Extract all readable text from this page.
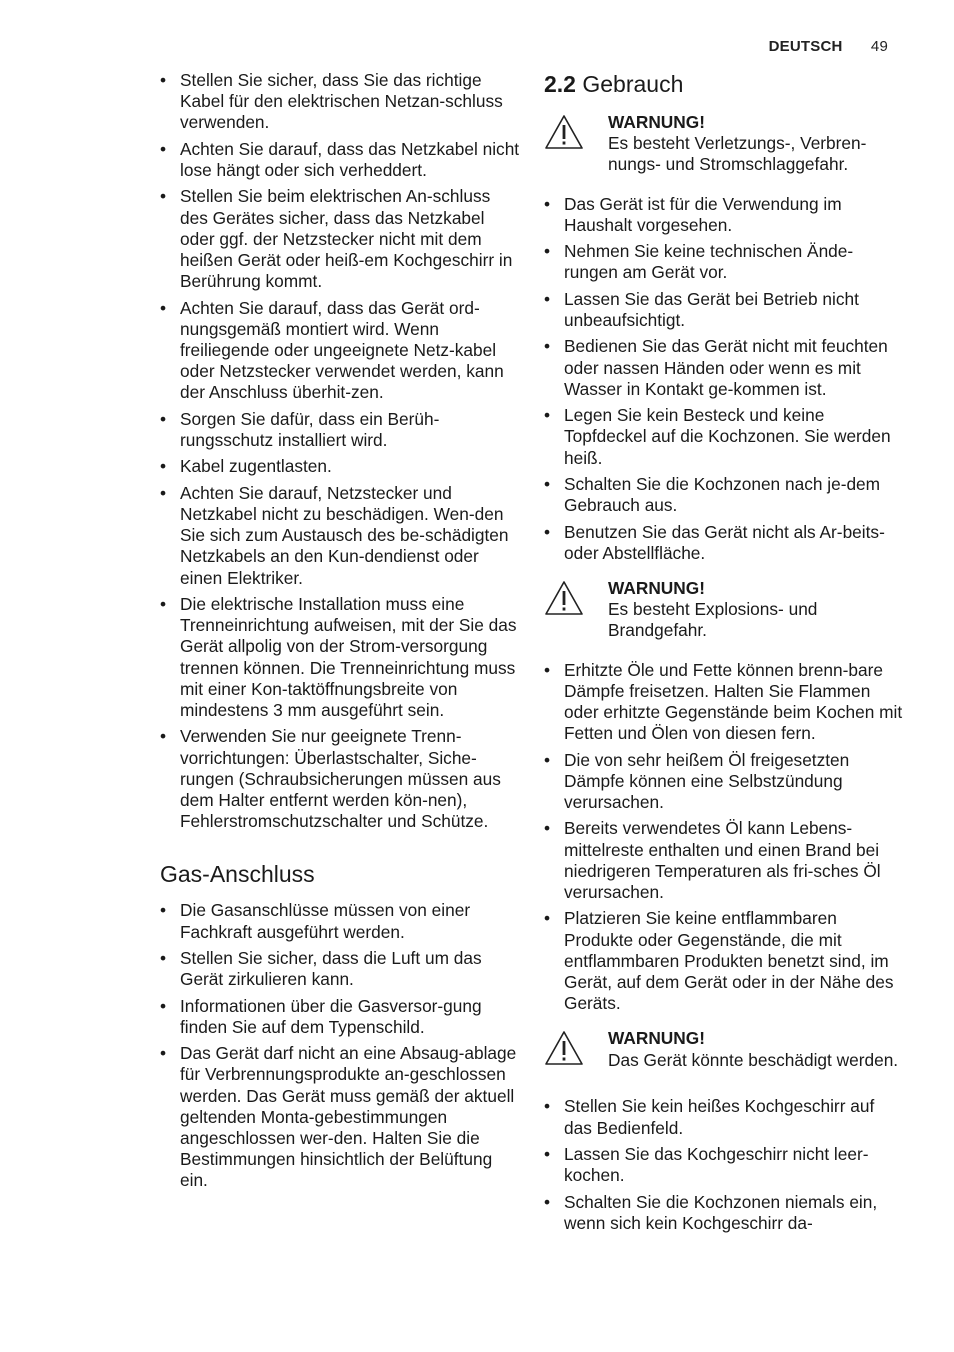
DEUTSCH 49
• Stellen Sie sicher, dass Sie das richtige Kabel für den elektrischen Netzan-schluss verwenden.
• Achten Sie darauf, dass das Netzkabel nicht lose hängt oder sich verheddert.
• Stellen Sie beim elektrischen An-schluss des Gerätes sicher, dass das Netzkabel oder ggf. der Netzstecker nicht mit dem heißen Gerät oder heiß-em Kochgeschirr in Berührung kommt.
• Achten Sie darauf, dass das Gerät ord-nungsgemäß montiert wird. Wenn freiliegende oder ungeeignete Netz-kabel oder Netzstecker verwendet werden, kann der Anschluss überhit-zen.
• Sorgen Sie dafür, dass ein Berüh-rungsschutz installiert wird.
• Kabel zugentlasten.
• Achten Sie darauf, Netzstecker und Netzkabel nicht zu beschädigen. Wen-den Sie sich zum Austausch des be-schädigten Netzkabels an den Kun-dendienst oder einen Elektriker.
• Die elektrische Installation muss eine Trenneinrichtung aufweisen, mit der Sie das Gerät allpolig von der Strom-versorgung trennen können. Die Trenneinrichtung muss mit einer Kon-taktöffnungsbreite von mindestens 3 mm ausgeführt sein.
• Verwenden Sie nur geeignete Trenn-vorrichtungen: Überlastschalter, Siche-rungen (Schraubsicherungen müssen aus dem Halter entfernt werden kön-nen), Fehlerstromschutzschalter und Schütze.
Gas-Anschluss
• Die Gasanschlüsse müssen von einer Fachkraft ausgeführt werden.
• Stellen Sie sicher, dass die Luft um das Gerät zirkulieren kann.
• Informationen über die Gasversor-gung finden Sie auf dem Typenschild.
• Das Gerät darf nicht an eine Absaug-ablage für Verbrennungsprodukte an-geschlossen werden. Das Gerät muss gemäß der aktuell geltenden Monta-gebestimmungen angeschlossen wer-den. Halten Sie die Bestimmungen hinsichtlich der Belüftung ein.
2.2 Gebrauch
WARNUNG!
Es besteht Verletzungs-, Verbren-nungs- und Stromschlaggefahr.
• Das Gerät ist für die Verwendung im Haushalt vorgesehen.
• Nehmen Sie keine technischen Ände-rungen am Gerät vor.
• Lassen Sie das Gerät bei Betrieb nicht unbeaufsichtigt.
• Bedienen Sie das Gerät nicht mit feuchten oder nassen Händen oder wenn es mit Wasser in Kontakt ge-kommen ist.
• Legen Sie kein Besteck und keine Topfdeckel auf die Kochzonen. Sie werden heiß.
• Schalten Sie die Kochzonen nach je-dem Gebrauch aus.
• Benutzen Sie das Gerät nicht als Ar-beits- oder Abstellfläche.
WARNUNG!
Es besteht Explosions- und Brandgefahr.
• Erhitzte Öle und Fette können brenn-bare Dämpfe freisetzen. Halten Sie Flammen oder erhitzte Gegenstände beim Kochen mit Fetten und Ölen von diesen fern.
• Die von sehr heißem Öl freigesetzten Dämpfe können eine Selbstzündung verursachen.
• Bereits verwendetes Öl kann Lebens-mittelreste enthalten und einen Brand bei niedrigeren Temperaturen als fri-sches Öl verursachen.
• Platzieren Sie keine entflammbaren Produkte oder Gegenstände, die mit entflammbaren Produkten benetzt sind, im Gerät, auf dem Gerät oder in der Nähe des Geräts.
WARNUNG!
Das Gerät könnte beschädigt werden.
• Stellen Sie kein heißes Kochgeschirr auf das Bedienfeld.
• Lassen Sie das Kochgeschirr nicht leer-kochen.
• Schalten Sie die Kochzonen niemals ein, wenn sich kein Kochgeschirr da-
